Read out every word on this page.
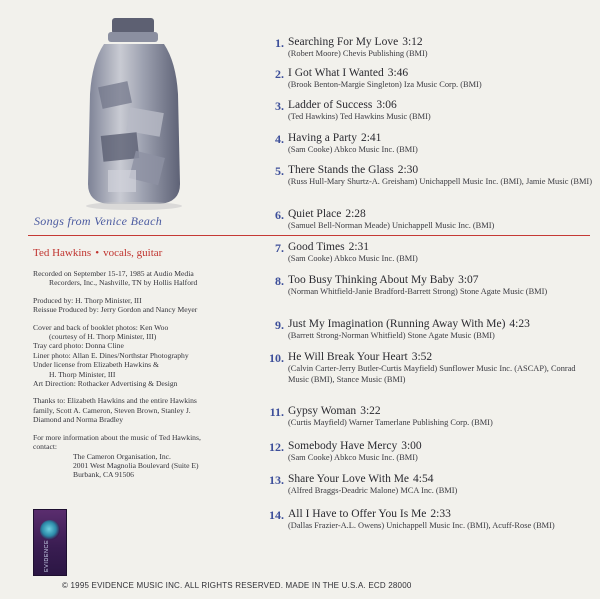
Songs from Venice Beach
Ted Hawkins • vocals, guitar
Recorded on September 15-17, 1985 at Audio Media
Recorders, Inc., Nashville, TN by Hollis Halford
Produced by: H. Thorp Minister, III
Reissue Produced by: Jerry Gordon and Nancy Meyer
Cover and back of booklet photos: Ken Woo
(courtesy of H. Thorp Minister, III)
Tray card photo: Donna Cline
Liner photo: Allan E. Dines/Northstar Photography
Under license from Elizabeth Hawkins &
H. Thorp Minister, III
Art Direction: Rothacker Advertising & Design
Thanks to: Elizabeth Hawkins and the entire Hawkins
family, Scott A. Cameron, Steven Brown, Stanley J.
Diamond and Norma Bradley
For more information about the music of Ted Hawkins,
contact:
The Cameron Organisation, Inc.
2001 West Magnolia Boulevard (Suite E)
Burbank, CA 91506
EVIDENCE
1. Searching For My Love 3:12
(Robert Moore) Chevis Publishing (BMI)
2. I Got What I Wanted 3:46
(Brook Benton-Margie Singleton) Iza Music Corp. (BMI)
3. Ladder of Success 3:06
(Ted Hawkins) Ted Hawkins Music (BMI)
4. Having a Party 2:41
(Sam Cooke) Abkco Music Inc. (BMI)
5. There Stands the Glass 2:30
(Russ Hull-Mary Shurtz-A. Greisham) Unichappell Music Inc. (BMI), Jamie Music (BMI)
6. Quiet Place 2:28
(Samuel Bell-Norman Meade) Unichappell Music Inc. (BMI)
7. Good Times 2:31
(Sam Cooke) Abkco Music Inc. (BMI)
8. Too Busy Thinking About My Baby 3:07
(Norman Whitfield-Janie Bradford-Barrett Strong) Stone Agate Music (BMI)
9. Just My Imagination (Running Away With Me) 4:23
(Barrett Strong-Norman Whitfield) Stone Agate Music (BMI)
10. He Will Break Your Heart 3:52
(Calvin Carter-Jerry Butler-Curtis Mayfield) Sunflower Music Inc. (ASCAP), Conrad Music (BMI), Stance Music (BMI)
11. Gypsy Woman 3:22
(Curtis Mayfield) Warner Tamerlane Publishing Corp. (BMI)
12. Somebody Have Mercy 3:00
(Sam Cooke) Abkco Music Inc. (BMI)
13. Share Your Love With Me 4:54
(Alfred Braggs-Deadric Malone) MCA Inc. (BMI)
14. All I Have to Offer You Is Me 2:33
(Dallas Frazier-A.L. Owens) Unichappell Music Inc. (BMI), Acuff-Rose (BMI)
© 1995 EVIDENCE MUSIC INC. ALL RIGHTS RESERVED. MADE IN THE U.S.A. ECD 28000
